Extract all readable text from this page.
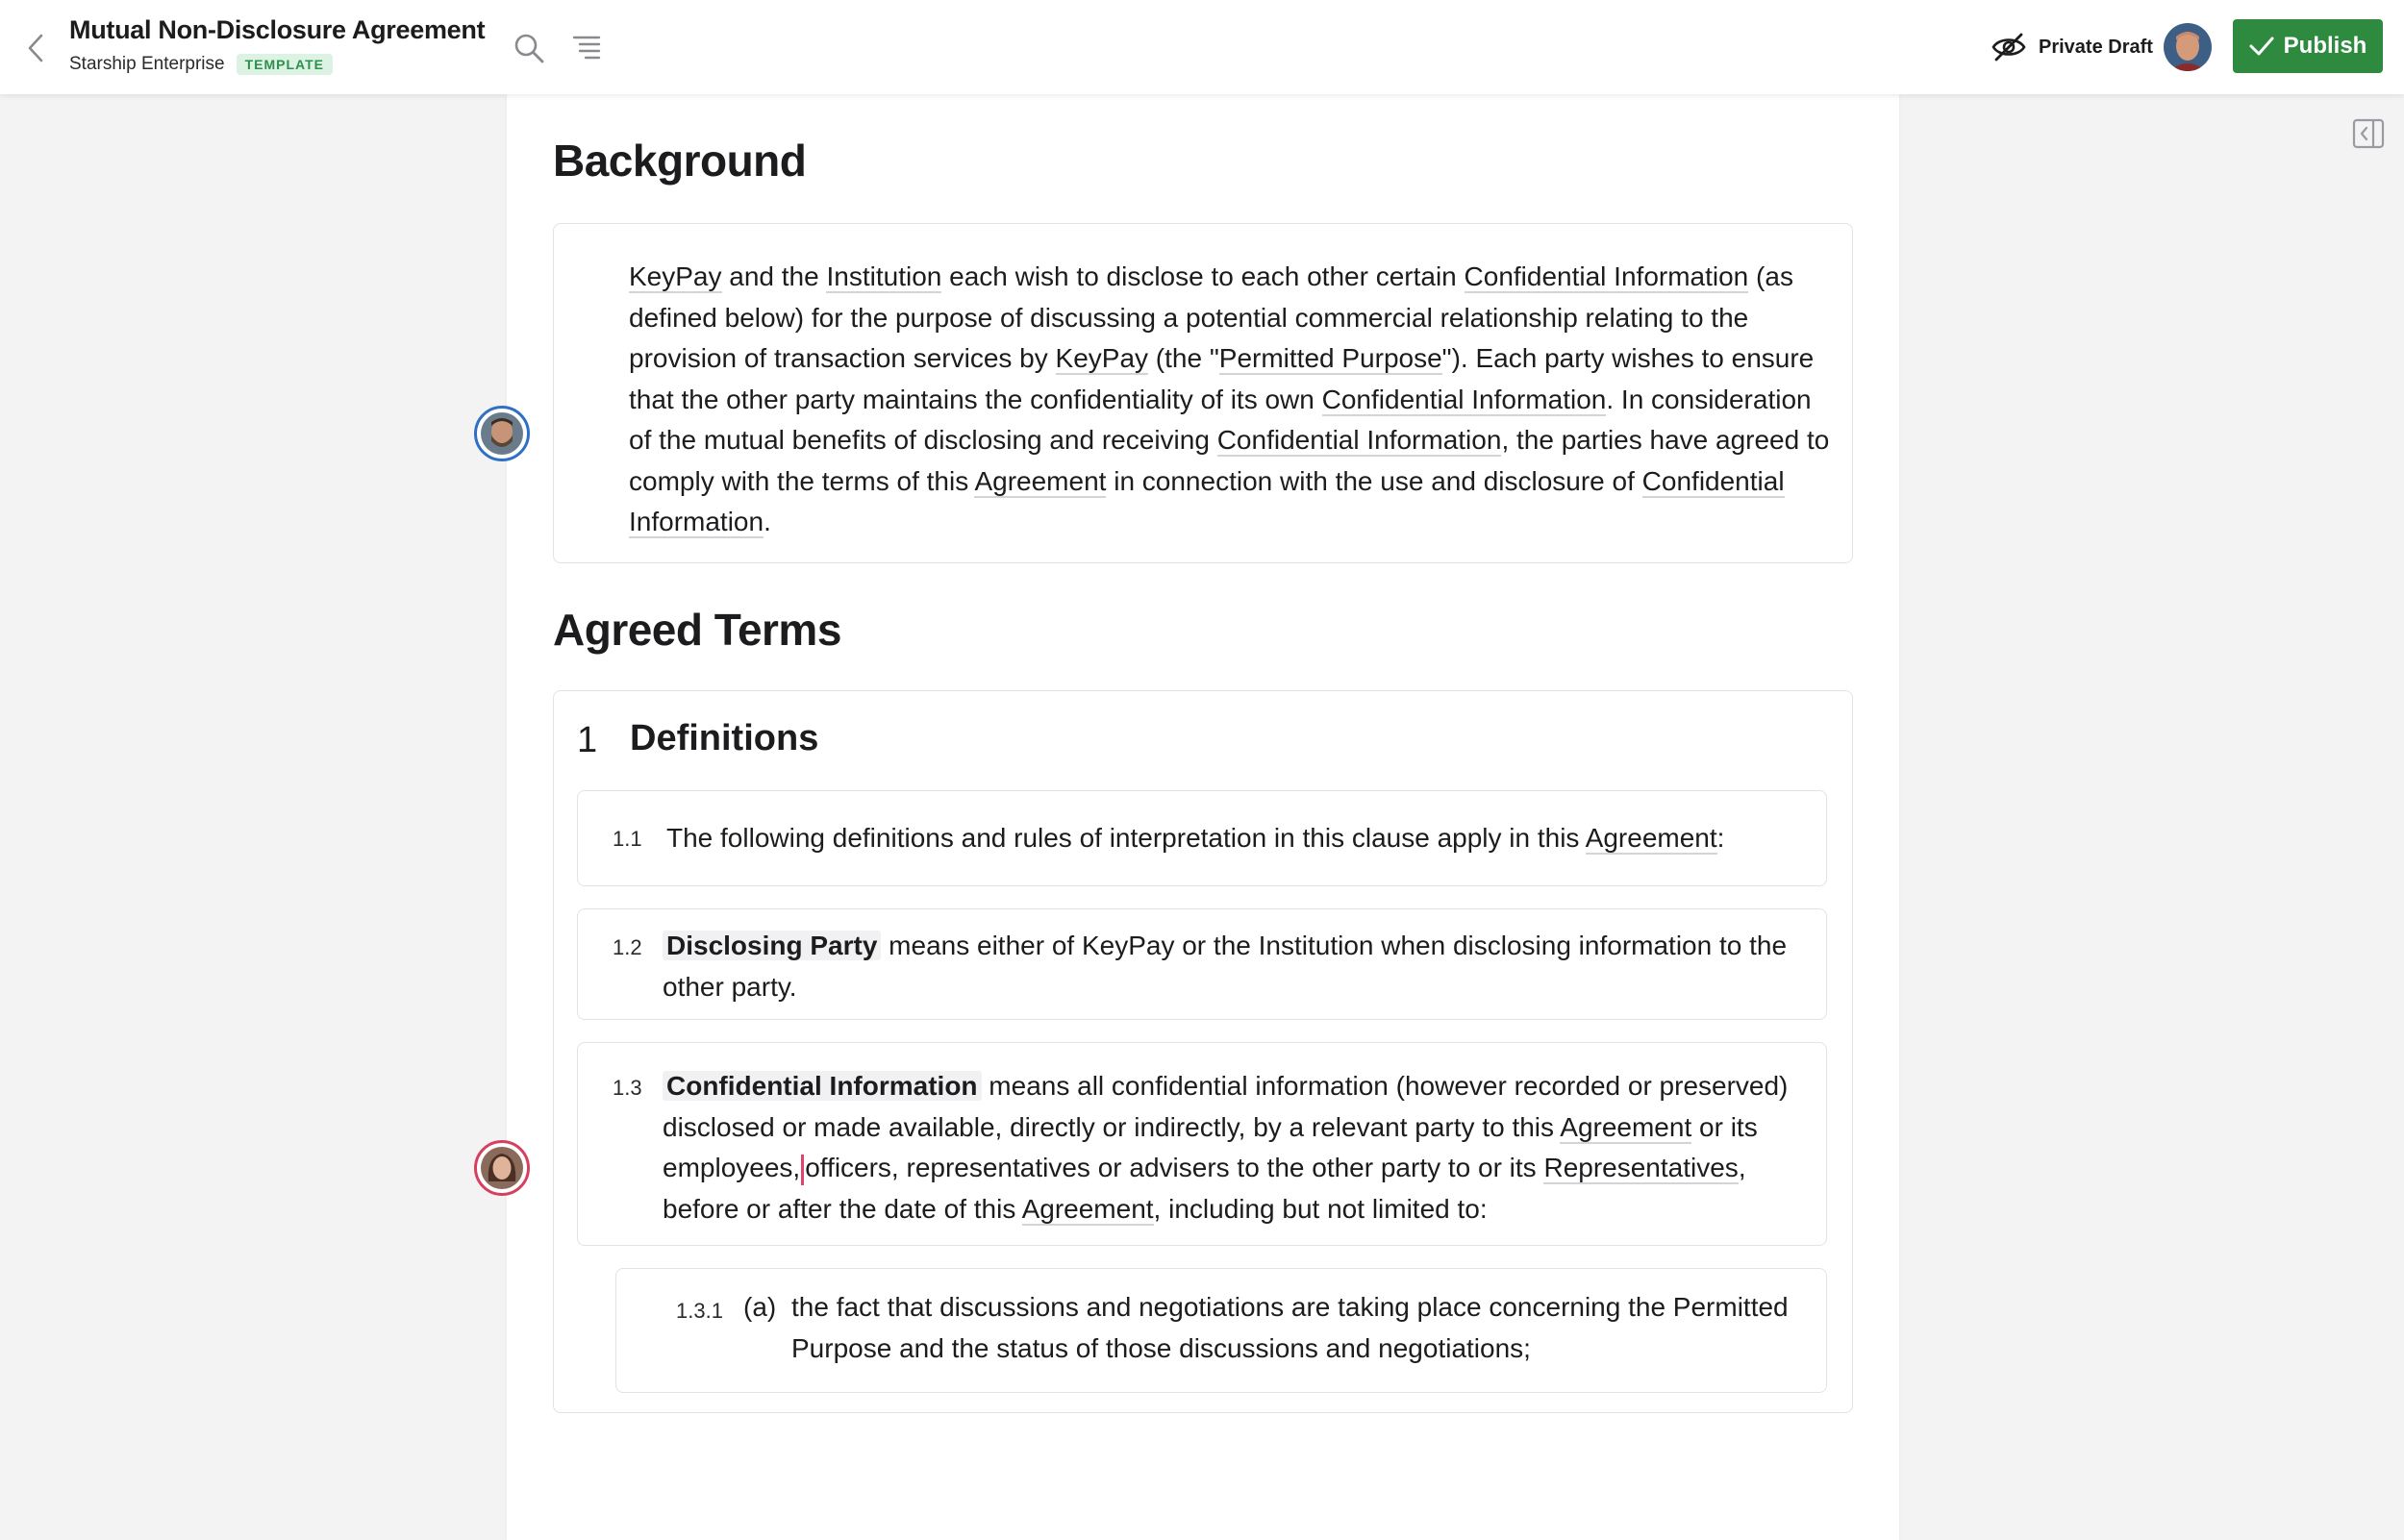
Mutual Non-Disclosure Agreement
Starship Enterprise	TEMPLATE
Private Draft	Publish
Background

KeyPay and the Institution each wish to disclose to each other certain Confidential Information (as defined below) for the purpose of discussing a potential commercial relationship relating to the provision of transaction services by KeyPay (the "Permitted Purpose"). Each party wishes to ensure that the other party maintains the confidentiality of its own Confidential Information. In consideration of the mutual benefits of disclosing and receiving Confidential Information, the parties have agreed to comply with the terms of this Agreement in connection with the use and disclosure of Confidential Information.

Agreed Terms
1 Definitions
1.1 The following definitions and rules of interpretation in this clause apply in this Agreement:

1.2 Disclosing Party means either of KeyPay or the Institution when disclosing information to the other party.

1.3 Confidential Information means all confidential information (however recorded or preserved) disclosed or made available, directly or indirectly, by a relevant party to this Agreement or its employees, officers, representatives or advisers to the other party to or its Representatives, before or after the date of this Agreement, including but not limited to:

1.3.1 (a) the fact that discussions and negotiations are taking place concerning the Permitted Purpose and the status of those discussions and negotiations;
